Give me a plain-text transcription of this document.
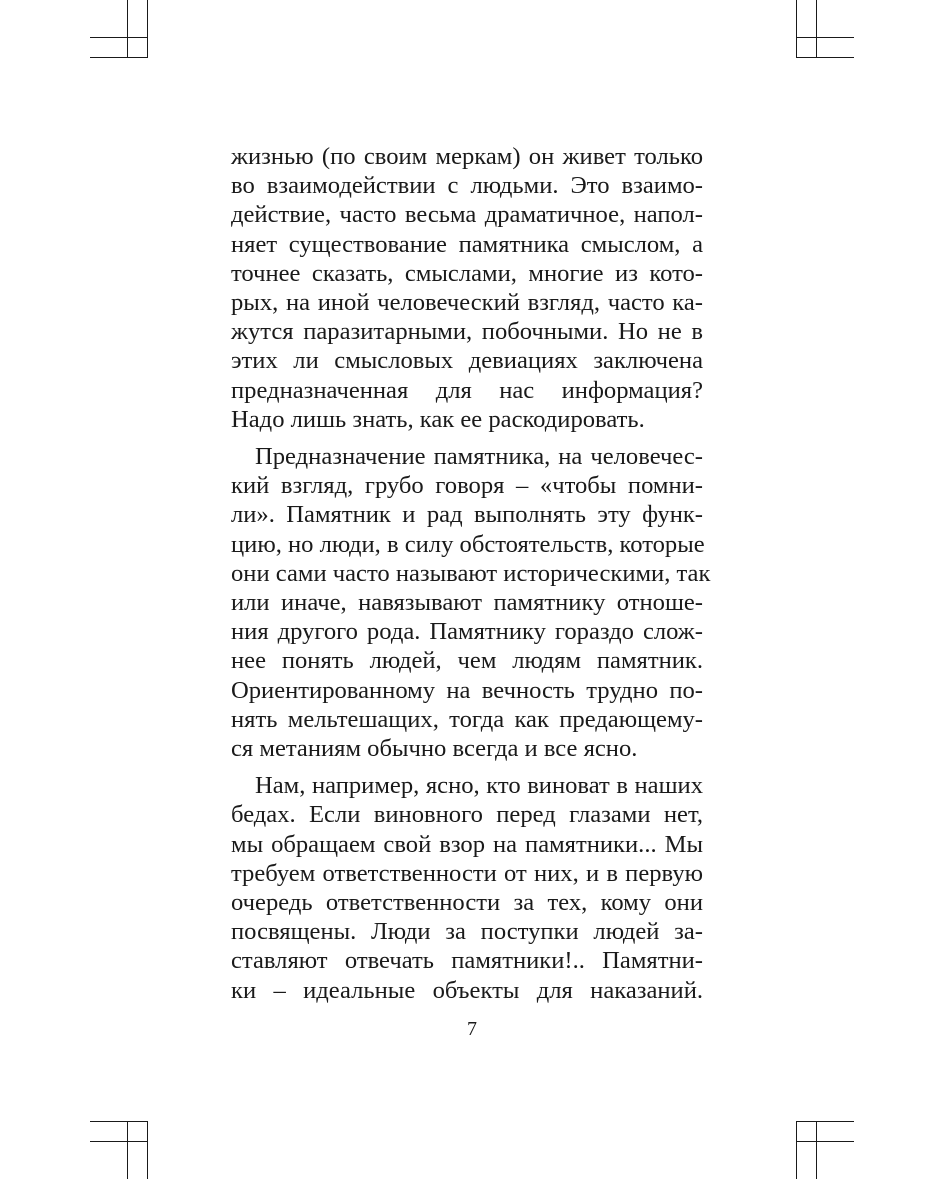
жизнью (по своим меркам) он живет только
во взаимодействии с людьми. Это взаимо-
действие, часто весьма драматичное, напол-
няет существование памятника смыслом, а
точнее сказать, смыслами, многие из кото-
рых, на иной человеческий взгляд, часто ка-
жутся паразитарными, побочными. Но не в
этих ли смысловых девиациях заключена
предназначенная для нас информация?
Надо лишь знать, как ее раскодировать.
Предназначение памятника, на человечес-
кий взгляд, грубо говоря – «чтобы помни-
ли». Памятник и рад выполнять эту функ-
цию, но люди, в силу обстоятельств, которые
они сами часто называют историческими, так
или иначе, навязывают памятнику отноше-
ния другого рода. Памятнику гораздо слож-
нее понять людей, чем людям памятник.
Ориентированному на вечность трудно по-
нять мельтешащих, тогда как предающему-
ся метаниям обычно всегда и все ясно.
Нам, например, ясно, кто виноват в наших
бедах. Если виновного перед глазами нет,
мы обращаем свой взор на памятники... Мы
требуем ответственности от них, и в первую
очередь ответственности за тех, кому они
посвящены. Люди за поступки людей за-
ставляют отвечать памятники!.. Памятни-
ки – идеальные объекты для наказаний.
7
